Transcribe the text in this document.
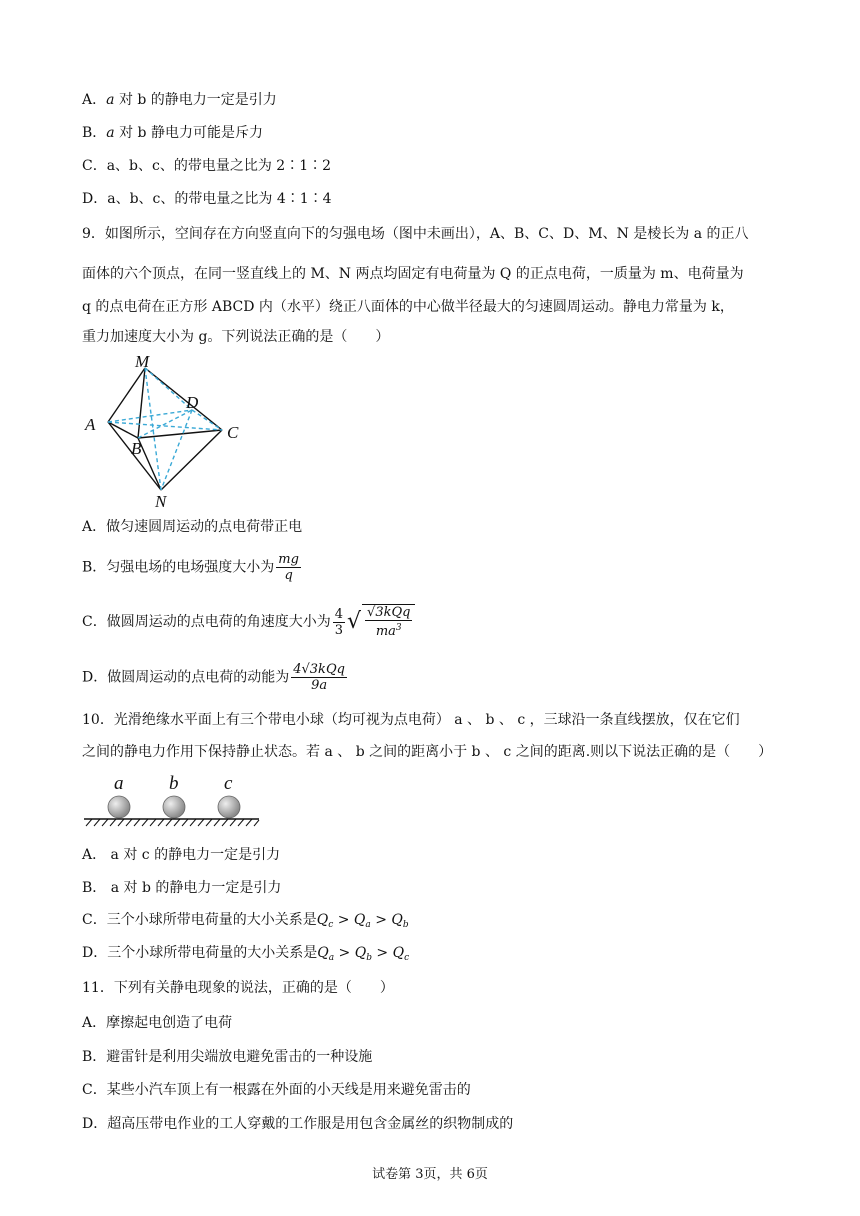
A．a 对 b 的静电力一定是引力
B．a 对 b 静电力可能是斥力
C．a、b、c、的带电量之比为 2∶1∶2
D．a、b、c、的带电量之比为 4∶1∶4
9．如图所示，空间存在方向竖直向下的匀强电场（图中未画出），A、B、C、D、M、N 是棱长为 a 的正八
面体的六个顶点，在同一竖直线上的 M、N 两点均固定有电荷量为 Q 的正点电荷，一质量为 m、电荷量为
q 的点电荷在正方形 ABCD 内（水平）绕正八面体的中心做半径最大的匀速圆周运动。静电力常量为 k，
重力加速度大小为 g。下列说法正确的是（　　）
M
D
A	C
B
N
A．做匀速圆周运动的点电荷带正电
B．匀强电场的电场强度大小为 $\frac{mg}{q}$
C．做圆周运动的点电荷的角速度大小为 $\frac{4}{3}$ √ $\frac{\text{√3kQq}}{ma^3}$
D．做圆周运动的点电荷的动能为 $\frac{\text{4√3kQq}}{9a}$
10．光滑绝缘水平面上有三个带电小球（均可视为点电荷） a 、 b 、 c ，三球沿一条直线摆放，仅在它们
之间的静电力作用下保持静止状态。若 a 、 b 之间的距离小于 b 、 c 之间的距离.则以下说法正确的是（　　）
a b c
A． a 对 c 的静电力一定是引力
B． a 对 b 的静电力一定是引力
C．三个小球所带电荷量的大小关系是$Q_c > Q_a > Q_b$
D．三个小球所带电荷量的大小关系是$Q_a > Q_b > Q_c$
11．下列有关静电现象的说法，正确的是（　　）
A．摩擦起电创造了电荷
B．避雷针是利用尖端放电避免雷击的一种设施
C．某些小汽车顶上有一根露在外面的小天线是用来避免雷击的
D．超高压带电作业的工人穿戴的工作服是用包含金属丝的织物制成的
试卷第 3页，共 6页
